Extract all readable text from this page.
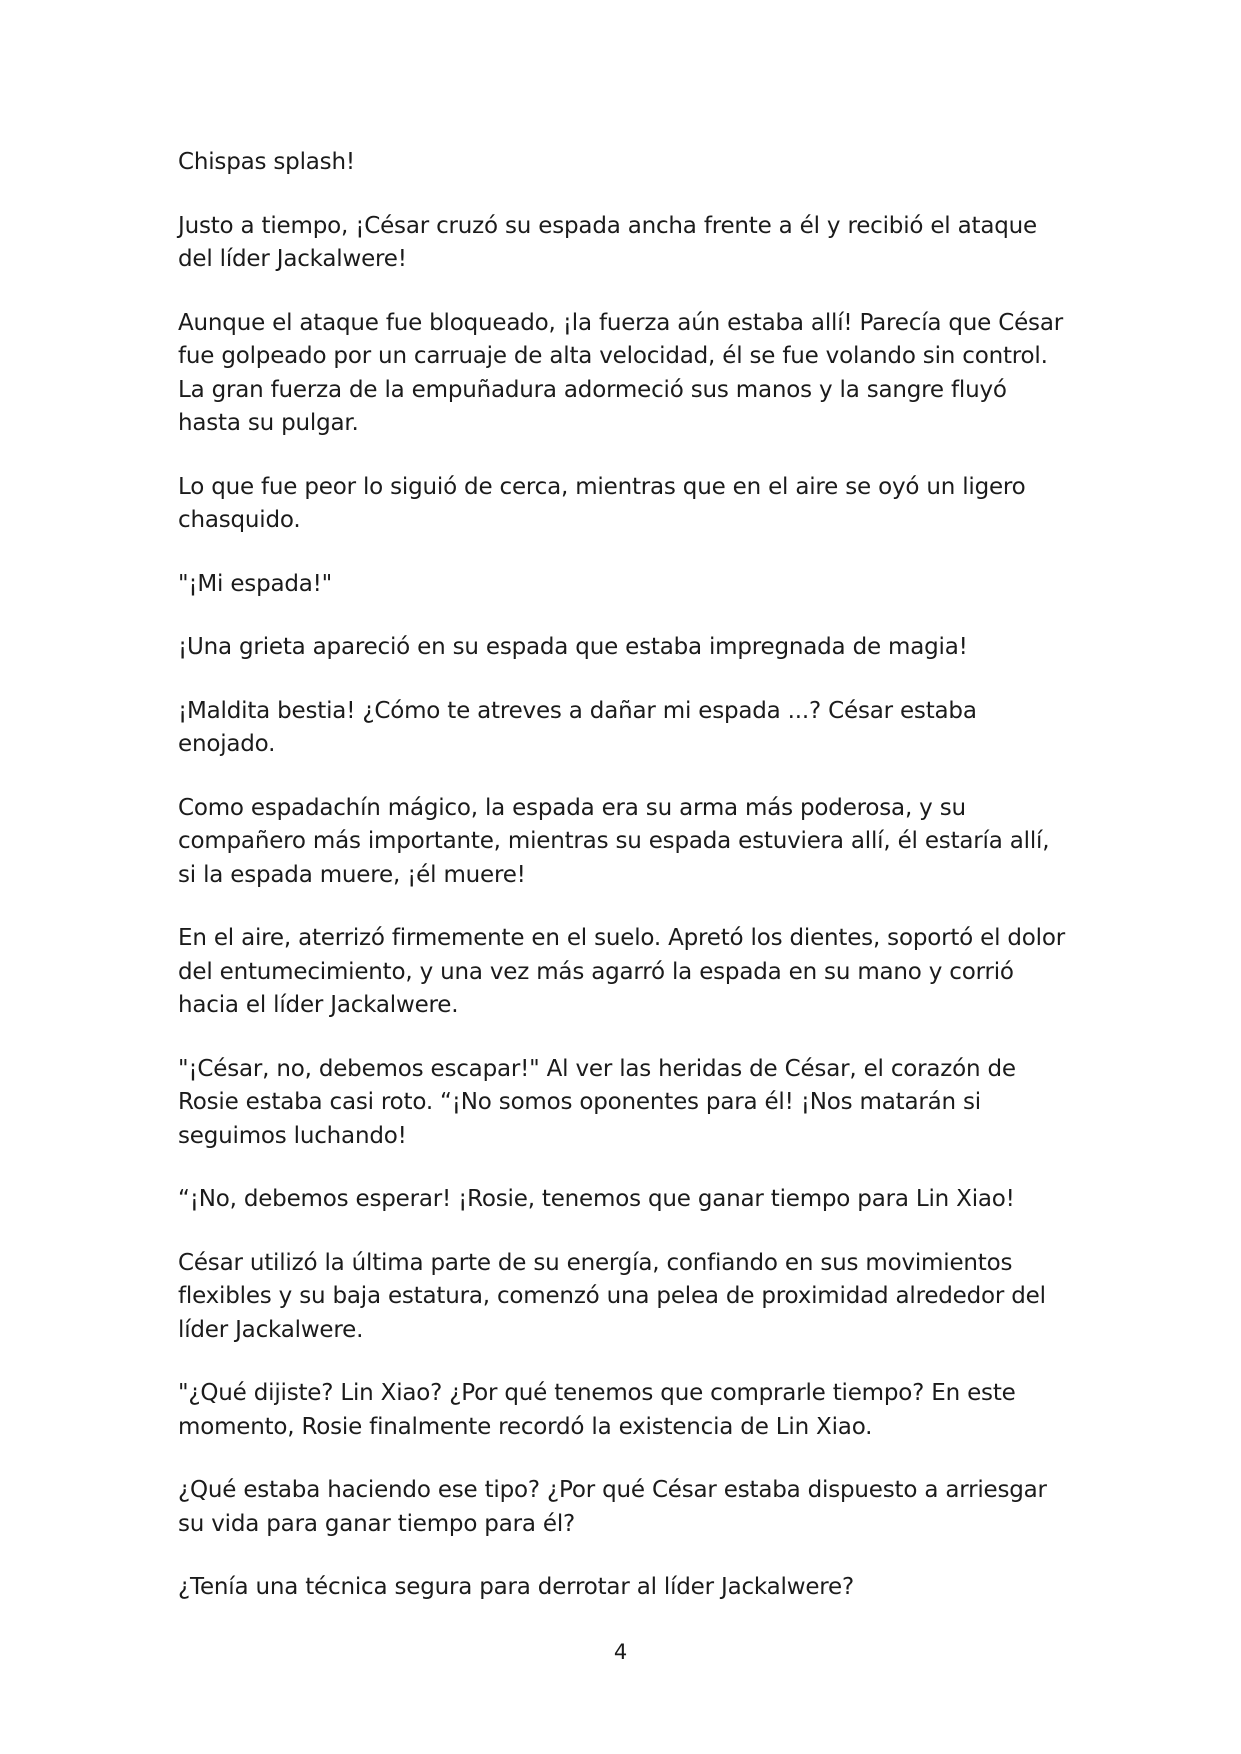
Chispas splash!

Justo a tiempo, ¡César cruzó su espada ancha frente a él y recibió el ataque del líder Jackalwere!

Aunque el ataque fue bloqueado, ¡la fuerza aún estaba allí! Parecía que César fue golpeado por un carruaje de alta velocidad, él se fue volando sin control. La gran fuerza de la empuñadura adormeció sus manos y la sangre fluyó hasta su pulgar.

Lo que fue peor lo siguió de cerca, mientras que en el aire se oyó un ligero chasquido.

"¡Mi espada!"

¡Una grieta apareció en su espada que estaba impregnada de magia!

¡Maldita bestia! ¿Cómo te atreves a dañar mi espada ...? César estaba enojado.

Como espadachín mágico, la espada era su arma más poderosa, y su compañero más importante, mientras su espada estuviera allí, él estaría allí, si la espada muere, ¡él muere!

En el aire, aterrizó firmemente en el suelo. Apretó los dientes, soportó el dolor del entumecimiento, y una vez más agarró la espada en su mano y corrió hacia el líder Jackalwere.

"¡César, no, debemos escapar!" Al ver las heridas de César, el corazón de Rosie estaba casi roto. “¡No somos oponentes para él! ¡Nos matarán si seguimos luchando!

“¡No, debemos esperar! ¡Rosie, tenemos que ganar tiempo para Lin Xiao!

César utilizó la última parte de su energía, confiando en sus movimientos flexibles y su baja estatura, comenzó una pelea de proximidad alrededor del líder Jackalwere.

"¿Qué dijiste? Lin Xiao? ¿Por qué tenemos que comprarle tiempo? En este momento, Rosie finalmente recordó la existencia de Lin Xiao.

¿Qué estaba haciendo ese tipo? ¿Por qué César estaba dispuesto a arriesgar su vida para ganar tiempo para él?

¿Tenía una técnica segura para derrotar al líder Jackalwere?

4
